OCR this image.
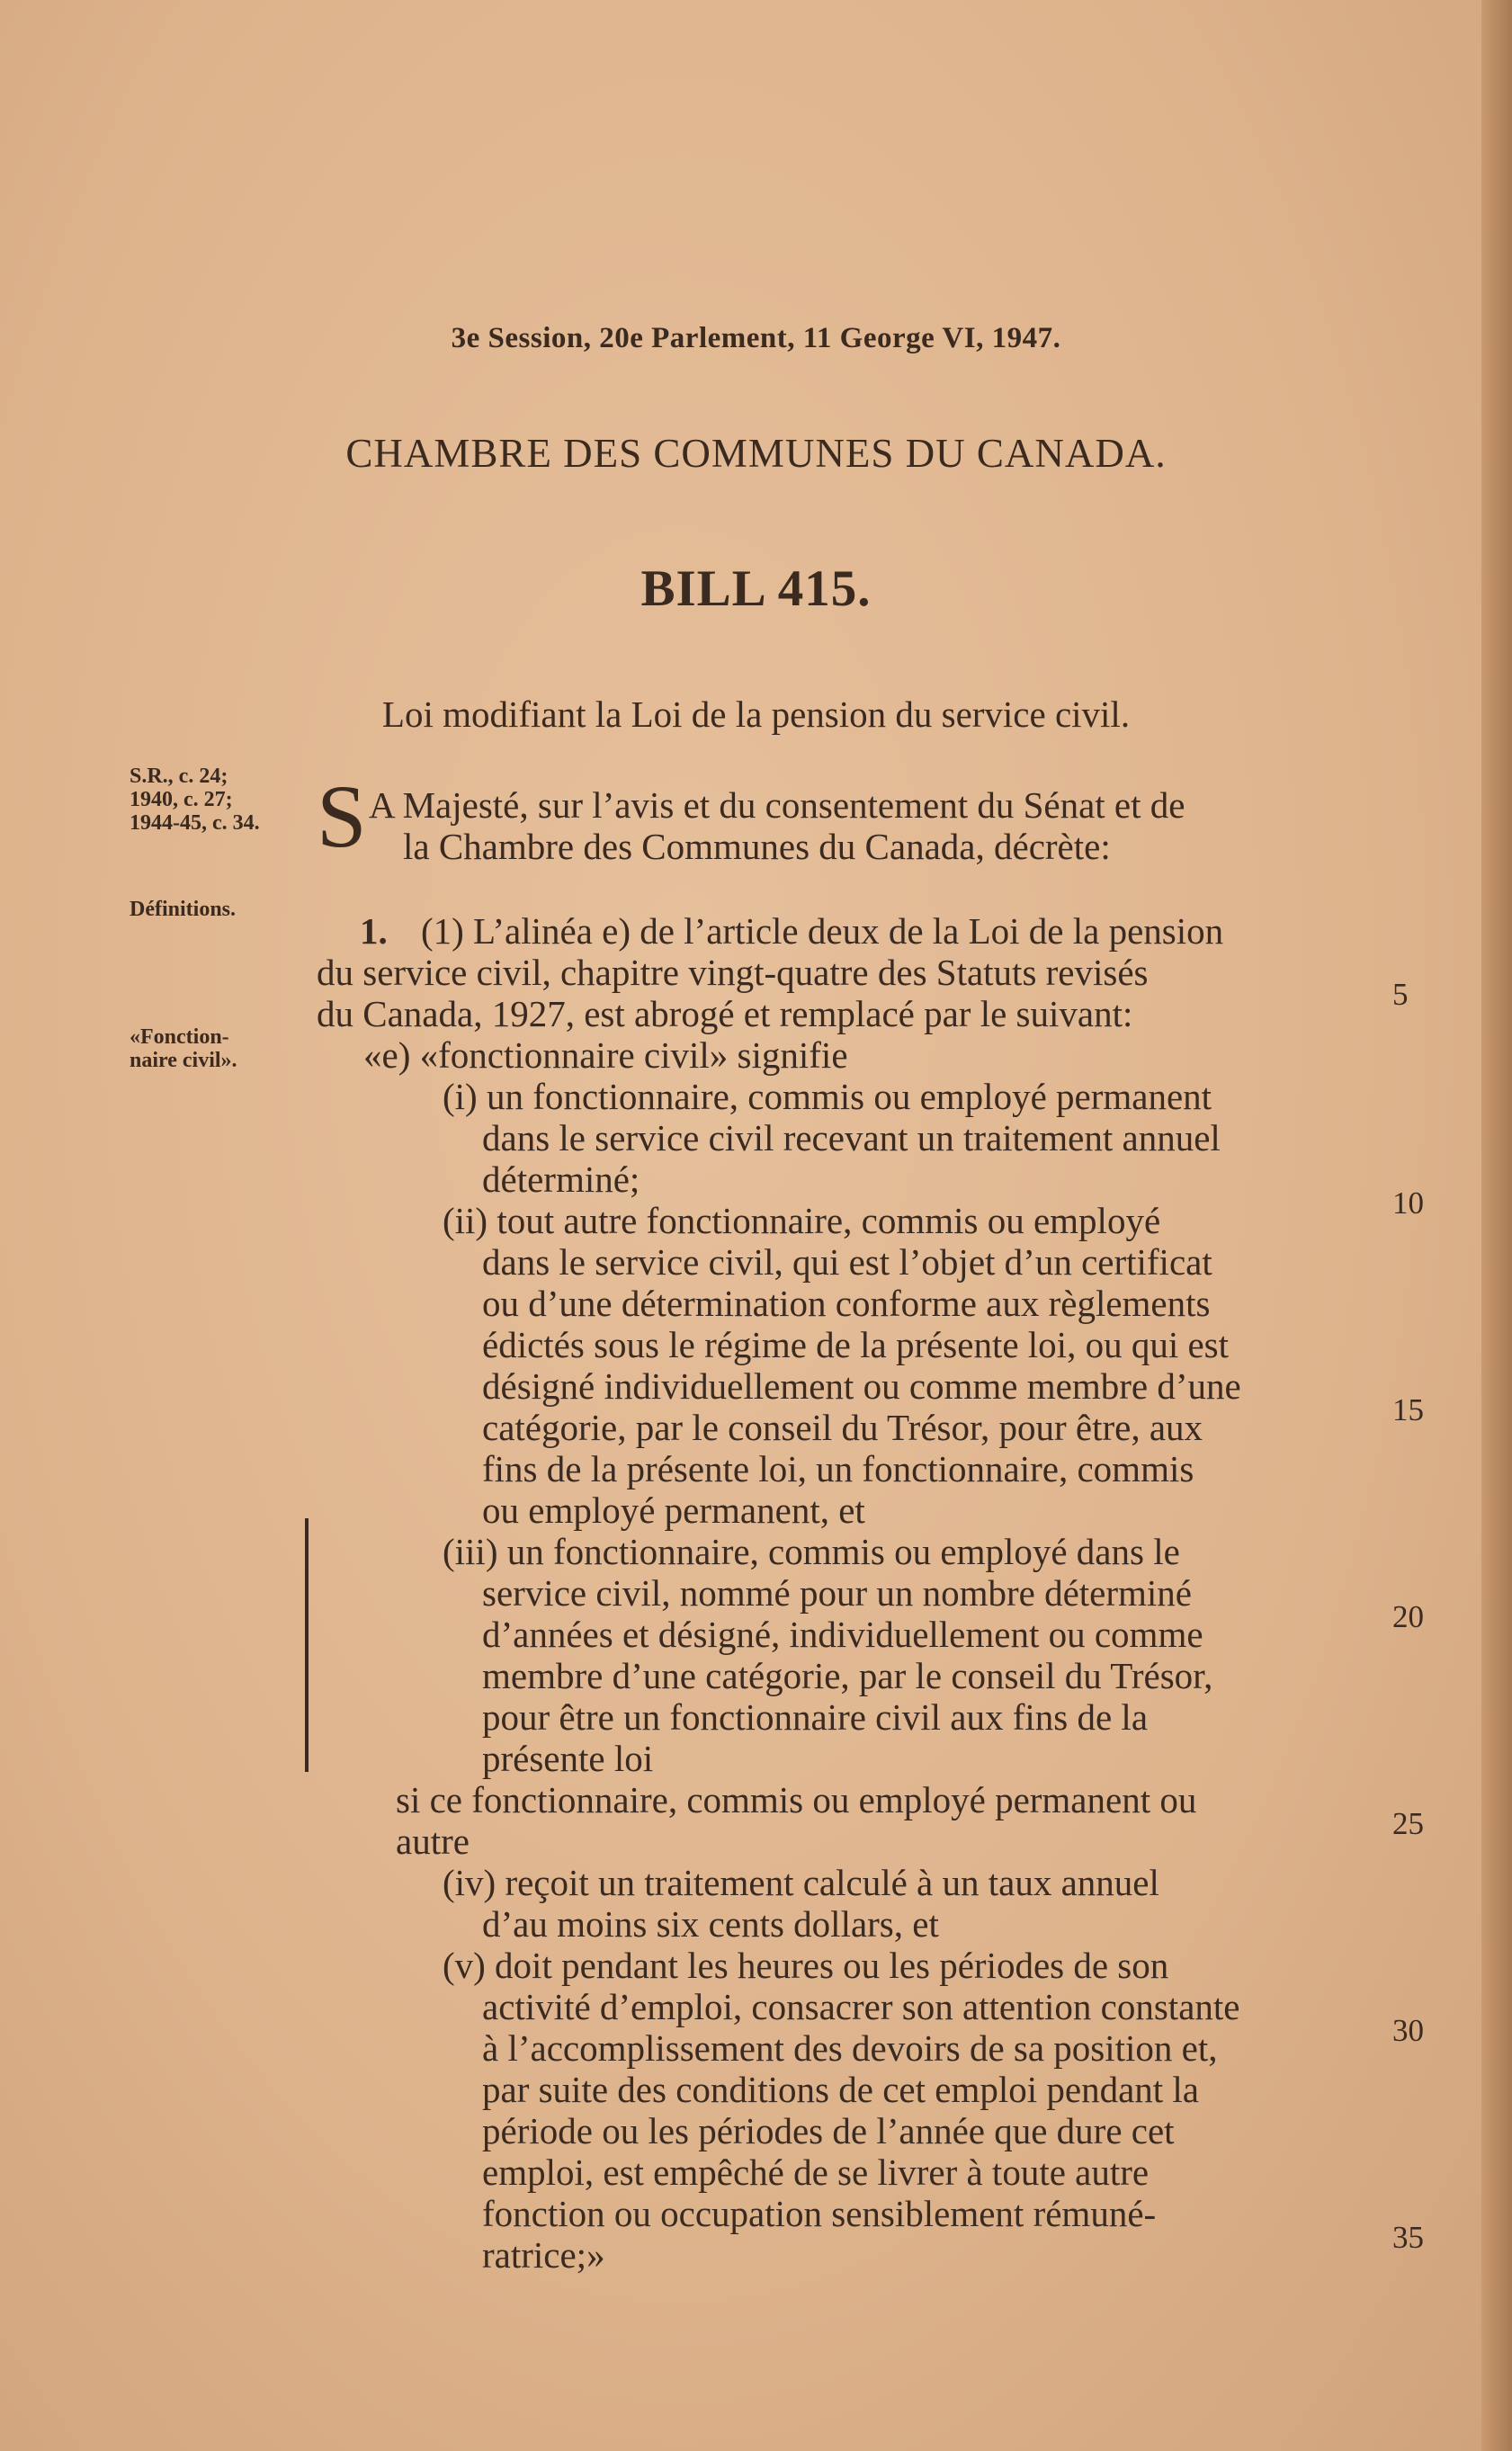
3e Session, 20e Parlement, 11 George VI, 1947.
CHAMBRE DES COMMUNES DU CANADA.
BILL 415.
Loi modifiant la Loi de la pension du service civil.
S.R., c. 24;
1940, c. 27;
1944-45, c. 34.
Définitions.
«Fonction-
naire civil».
S A Majesté, sur l’avis et du consentement du Sénat et de
la Chambre des Communes du Canada, décrète:
1. (1) L’alinéa e) de l’article deux de la Loi de la pension
du service civil, chapitre vingt-quatre des Statuts revisés
du Canada, 1927, est abrogé et remplacé par le suivant:
«e) «fonctionnaire civil» signifie
(i) un fonctionnaire, commis ou employé permanent
dans le service civil recevant un traitement annuel
déterminé;
(ii) tout autre fonctionnaire, commis ou employé
dans le service civil, qui est l’objet d’un certificat
ou d’une détermination conforme aux règlements
édictés sous le régime de la présente loi, ou qui est
désigné individuellement ou comme membre d’une
catégorie, par le conseil du Trésor, pour être, aux
fins de la présente loi, un fonctionnaire, commis
ou employé permanent, et
(iii) un fonctionnaire, commis ou employé dans le
service civil, nommé pour un nombre déterminé
d’années et désigné, individuellement ou comme
membre d’une catégorie, par le conseil du Trésor,
pour être un fonctionnaire civil aux fins de la
présente loi
si ce fonctionnaire, commis ou employé permanent ou
autre
(iv) reçoit un traitement calculé à un taux annuel
d’au moins six cents dollars, et
(v) doit pendant les heures ou les périodes de son
activité d’emploi, consacrer son attention constante
à l’accomplissement des devoirs de sa position et,
par suite des conditions de cet emploi pendant la
période ou les périodes de l’année que dure cet
emploi, est empêché de se livrer à toute autre
fonction ou occupation sensiblement rémuné-
ratrice;»
5
10
15
20
25
30
35
